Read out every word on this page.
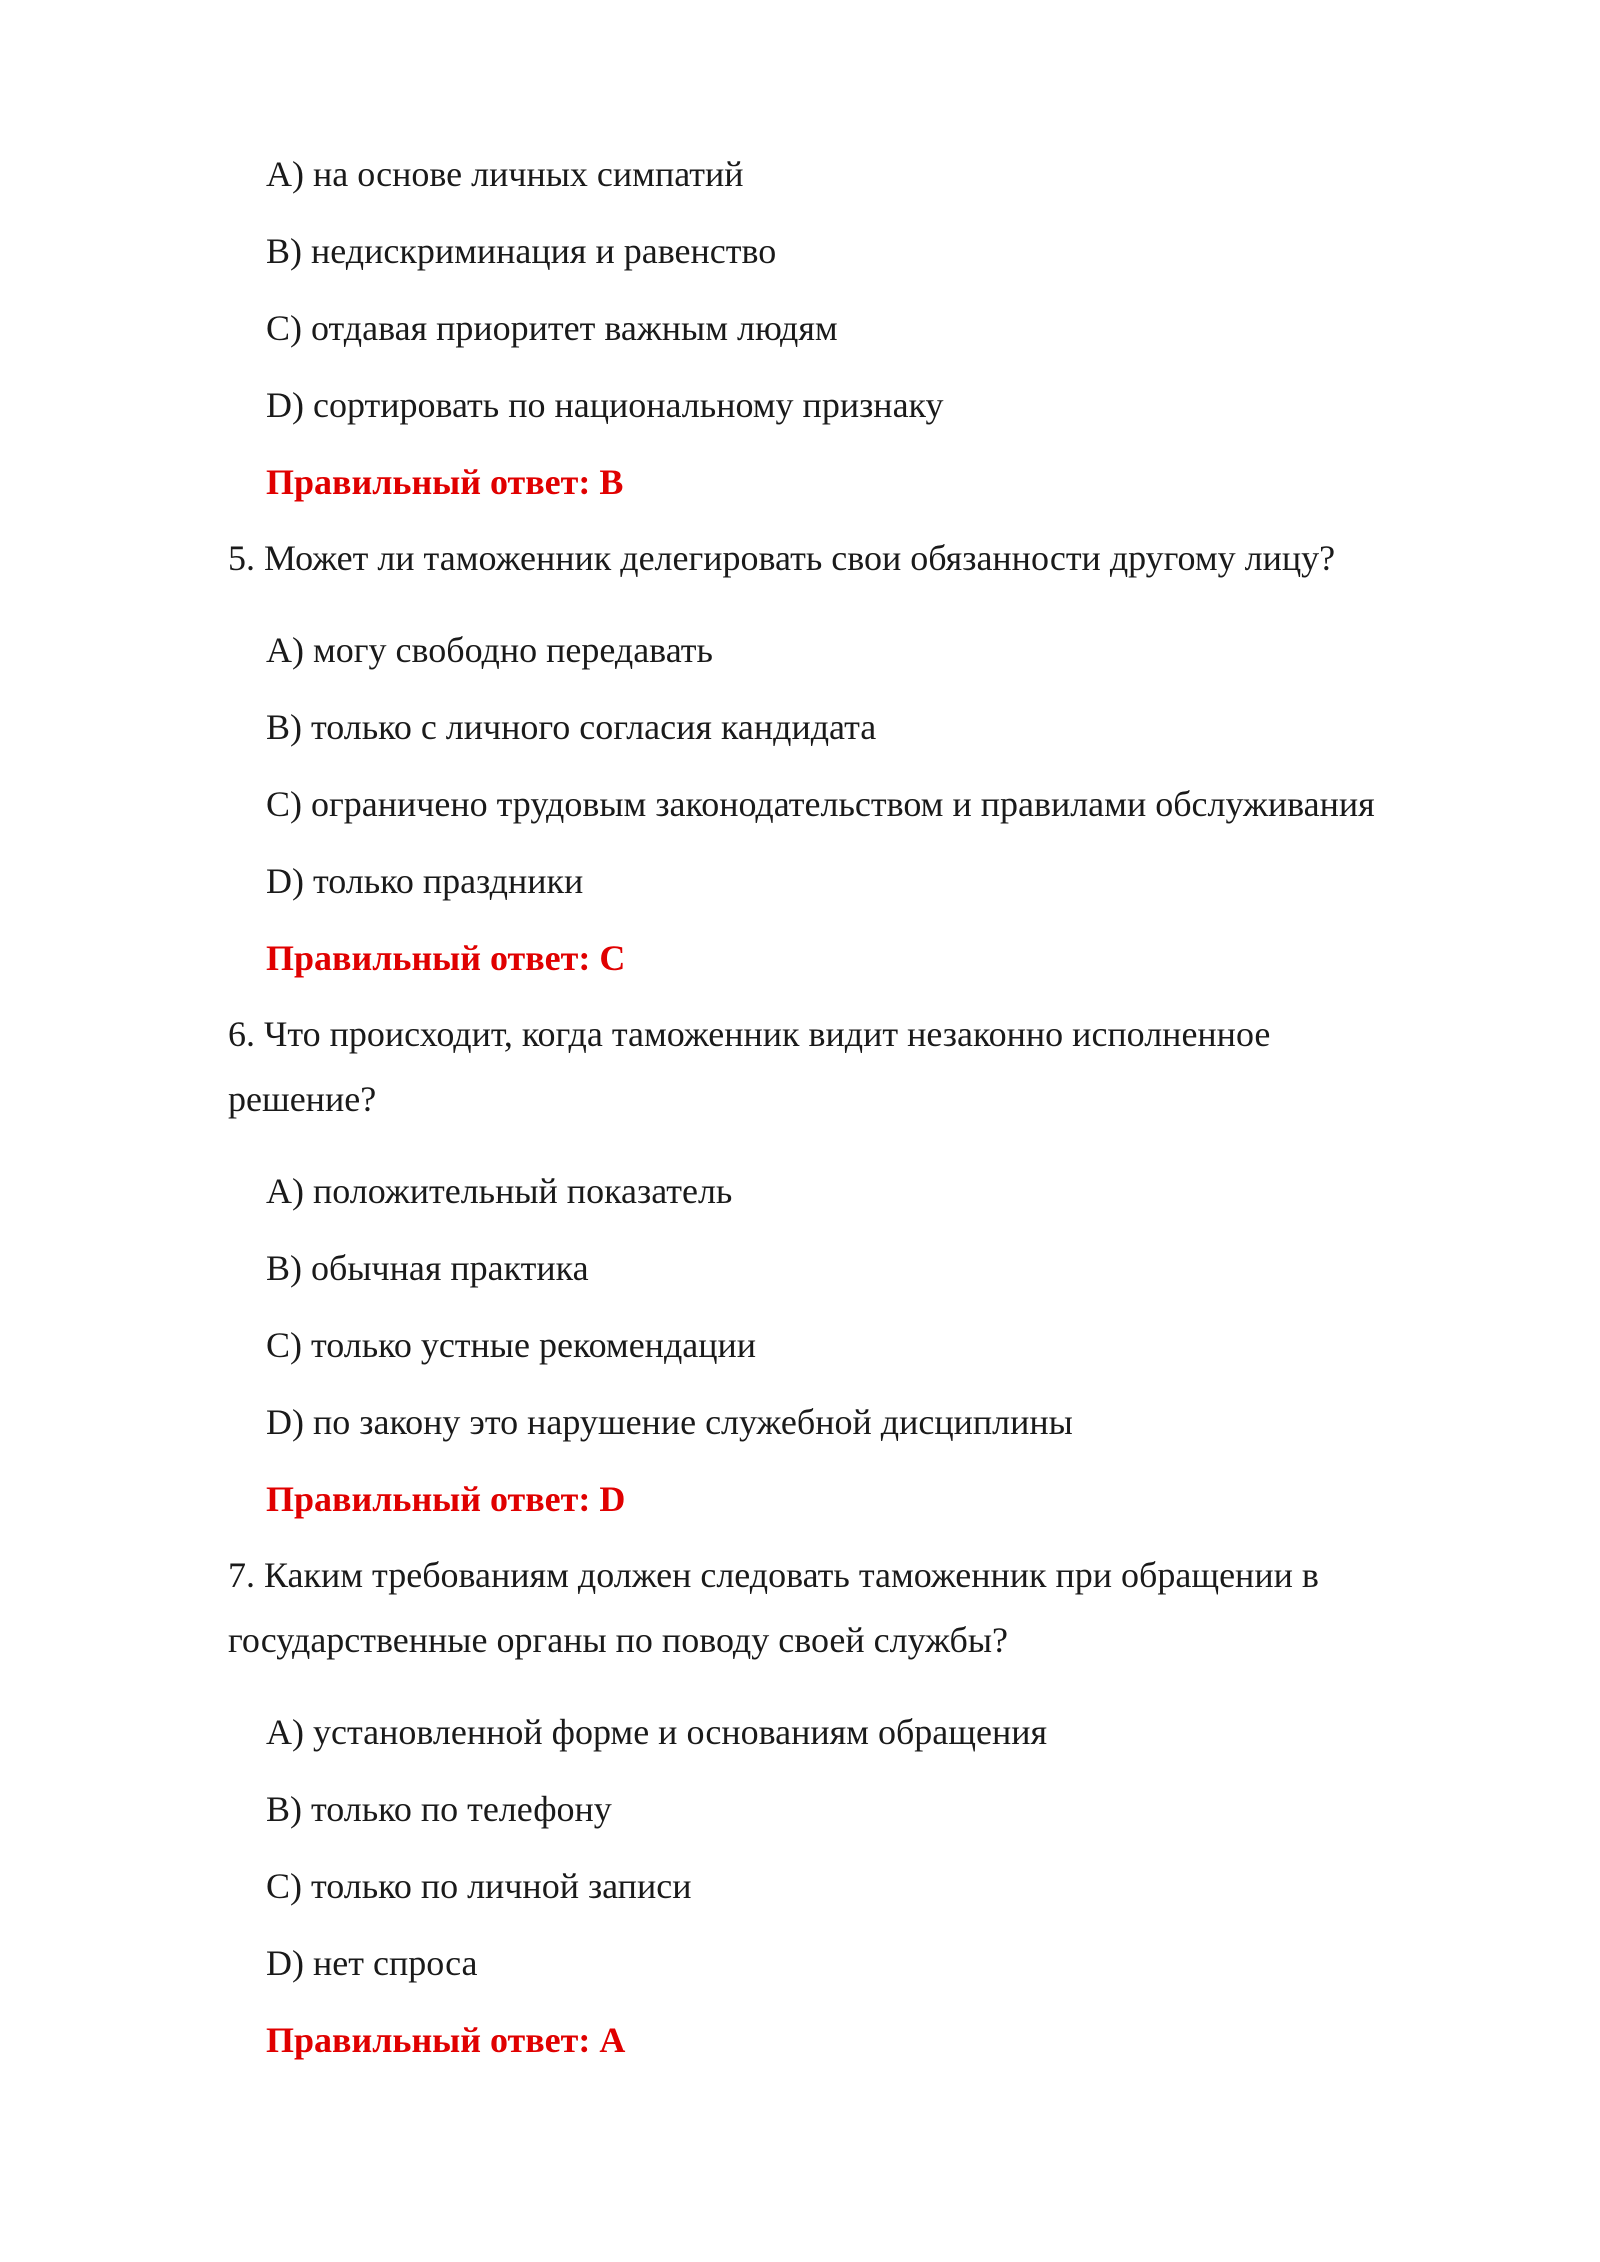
A) на основе личных симпатий
B) недискриминация и равенство
C) отдавая приоритет важным людям
D) сортировать по национальному признаку
Правильный ответ: B
5. Может ли таможенник делегировать свои обязанности другому лицу?
A) могу свободно передавать
B) только с личного согласия кандидата
C) ограничено трудовым законодательством и правилами обслуживания
D) только праздники
Правильный ответ: C
6. Что происходит, когда таможенник видит незаконно исполненное
решение?
A) положительный показатель
B) обычная практика
C) только устные рекомендации
D) по закону это нарушение служебной дисциплины
Правильный ответ: D
7. Каким требованиям должен следовать таможенник при обращении в
государственные органы по поводу своей службы?
A) установленной форме и основаниям обращения
B) только по телефону
C) только по личной записи
D) нет спроса
Правильный ответ: A
